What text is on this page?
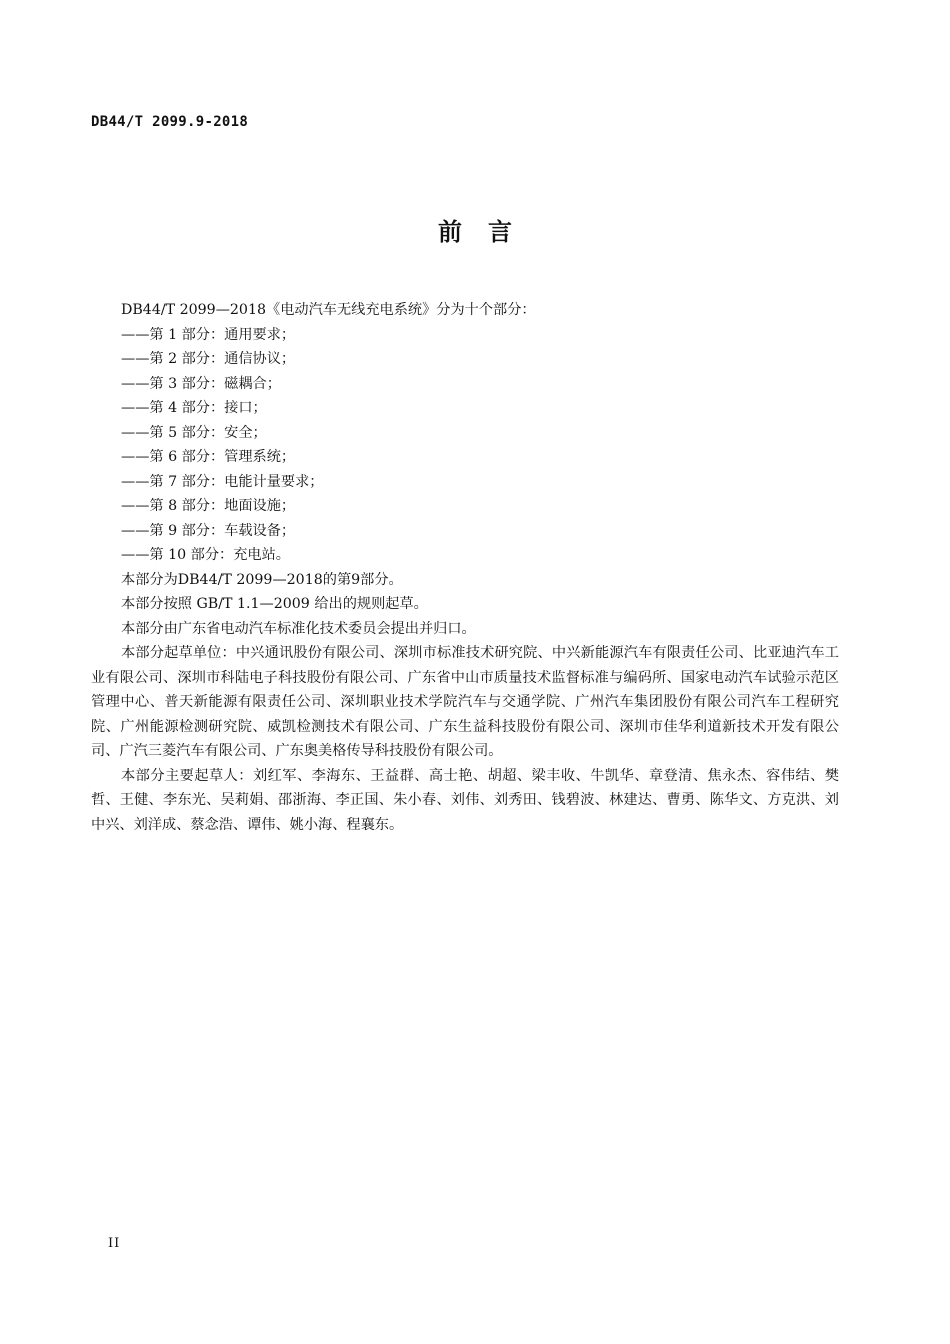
DB44/T 2099.9-2018
前言

DB44/T 2099—2018《电动汽车无线充电系统》分为十个部分：

——第 1 部分：通用要求；

——第 2 部分：通信协议；

——第 3 部分：磁耦合；

——第 4 部分：接口；

——第 5 部分：安全；

——第 6 部分：管理系统；

——第 7 部分：电能计量要求；

——第 8 部分：地面设施；

——第 9 部分：车载设备；

——第 10 部分：充电站。

本部分为DB44/T 2099—2018的第9部分。

本部分按照 GB/T 1.1—2009 给出的规则起草。

本部分由广东省电动汽车标准化技术委员会提出并归口。

本部分起草单位：中兴通讯股份有限公司、深圳市标准技术研究院、中兴新能源汽车有限责任公司、比亚迪汽车工业有限公司、深圳市科陆电子科技股份有限公司、广东省中山市质量技术监督标准与编码所、国家电动汽车试验示范区管理中心、普天新能源有限责任公司、深圳职业技术学院汽车与交通学院、广州汽车集团股份有限公司汽车工程研究院、广州能源检测研究院、威凯检测技术有限公司、广东生益科技股份有限公司、深圳市佳华利道新技术开发有限公司、广汽三菱汽车有限公司、广东奥美格传导科技股份有限公司。

本部分主要起草人：刘红军、李海东、王益群、高士艳、胡超、梁丰收、牛凯华、章登清、焦永杰、容伟结、樊哲、王健、李东光、吴莉娟、邵浙海、李正国、朱小春、刘伟、刘秀田、钱碧波、林建达、曹勇、陈华文、方克洪、刘中兴、刘洋成、蔡念浩、谭伟、姚小海、程襄东。

II
